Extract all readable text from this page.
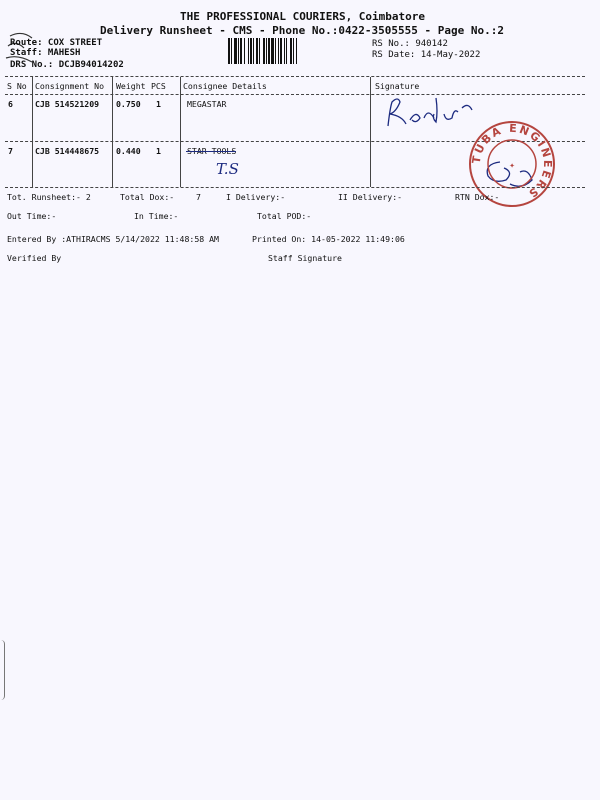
THE PROFESSIONAL COURIERS, Coimbatore
Delivery Runsheet - CMS - Phone No.:0422-3505555 - Page No.:2
Route: COX STREET
Staff: MAHESH
DRS No.: DCJB94014202
RS No.: 940142
RS Date: 14-May-2022
S No Consignment No Weight PCS Consignee Details	Signature
6	CJB 514521209 0.750 1	MEGASTAR
7	CJB 514448675 0.440 1	STAR TOOLS
T.S
TUBA ENGINEERS
✦
Tot. Runsheet:- 2	Total Dox:-	7	I Delivery:-	II Delivery:-	RTN Dox:-
Out Time:-	In Time:-	Total POD:-
Entered By :ATHIRACMS 5/14/2022 11:48:58 AM	Printed On: 14-05-2022 11:49:06
Verified By	Staff Signature
